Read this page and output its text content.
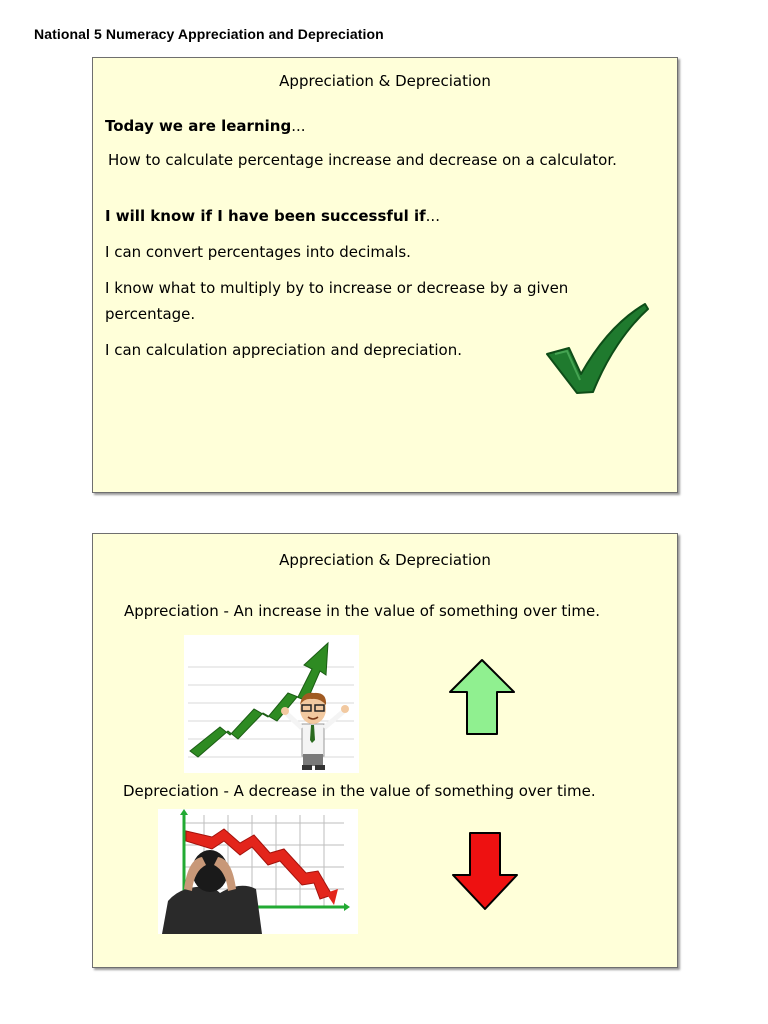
National 5 Numeracy Appreciation and Depreciation
Appreciation & Depreciation
Today we are learning...
How to calculate percentage increase and decrease on a calculator.
I will know if I have been successful if...
I can convert percentages into decimals.
I know what to multiply by to increase or decrease by a given percentage.
I can calculation appreciation and depreciation.
Appreciation & Depreciation
Appreciation - An increase in the value of something over time.
Depreciation - A decrease in the value of something over time.
